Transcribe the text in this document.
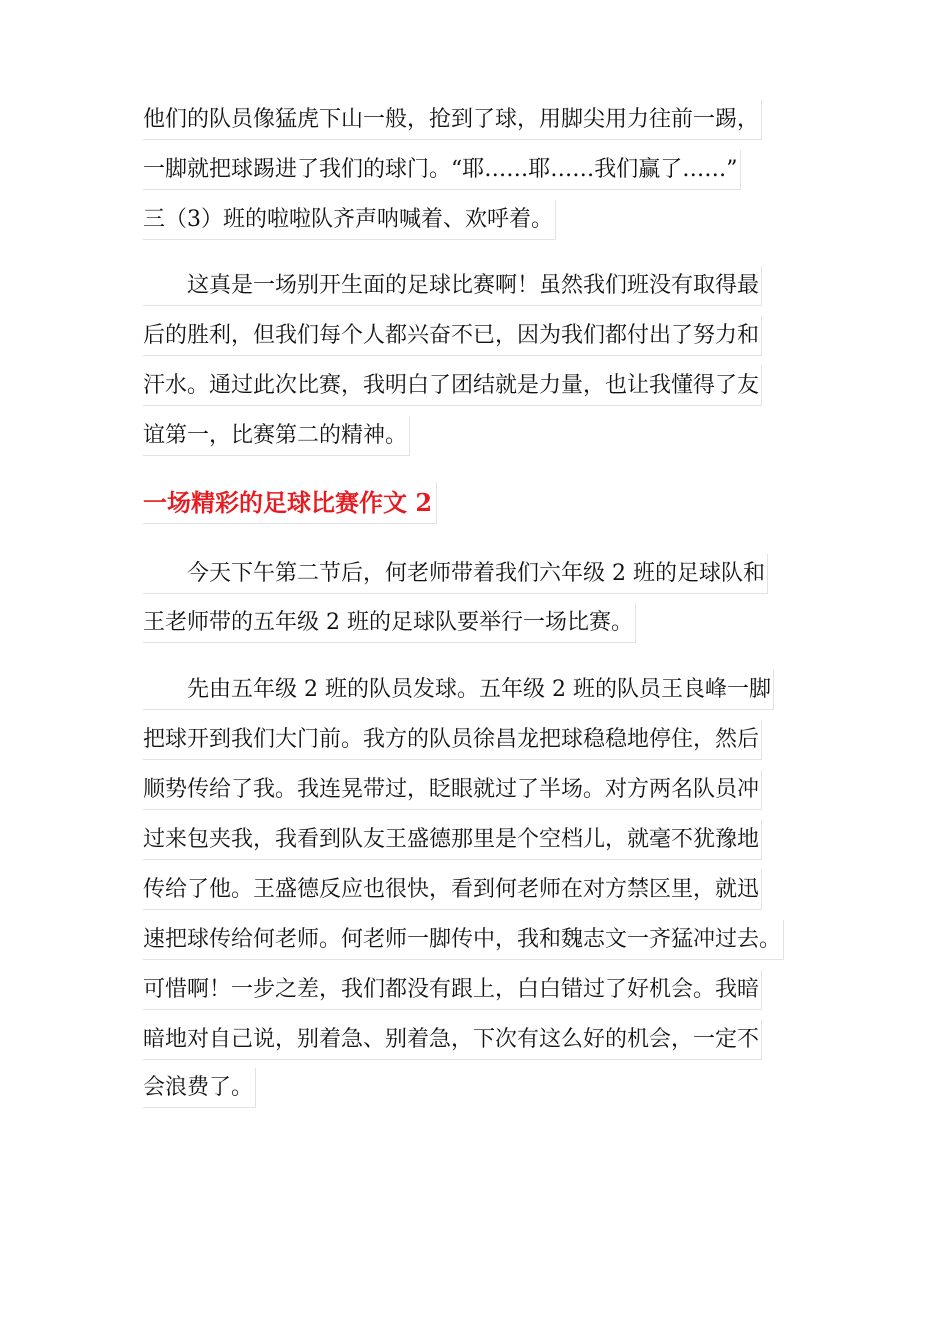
他们的队员像猛虎下山一般，抢到了球，用脚尖用力往前一踢，
一脚就把球踢进了我们的球门。“耶……耶……我们赢了……”
三（3）班的啦啦队齐声呐喊着、欢呼着。
　　这真是一场别开生面的足球比赛啊！虽然我们班没有取得最
后的胜利，但我们每个人都兴奋不已，因为我们都付出了努力和
汗水。通过此次比赛，我明白了团结就是力量，也让我懂得了友
谊第一，比赛第二的精神。
一场精彩的足球比赛作文 2
　　今天下午第二节后，何老师带着我们六年级 2 班的足球队和
王老师带的五年级 2 班的足球队要举行一场比赛。
　　先由五年级 2 班的队员发球。五年级 2 班的队员王良峰一脚
把球开到我们大门前。我方的队员徐昌龙把球稳稳地停住，然后
顺势传给了我。我连晃带过，眨眼就过了半场。对方两名队员冲
过来包夹我，我看到队友王盛德那里是个空档儿，就毫不犹豫地
传给了他。王盛德反应也很快，看到何老师在对方禁区里，就迅
速把球传给何老师。何老师一脚传中，我和魏志文一齐猛冲过去。
可惜啊！一步之差，我们都没有跟上，白白错过了好机会。我暗
暗地对自己说，别着急、别着急，下次有这么好的机会，一定不
会浪费了。
